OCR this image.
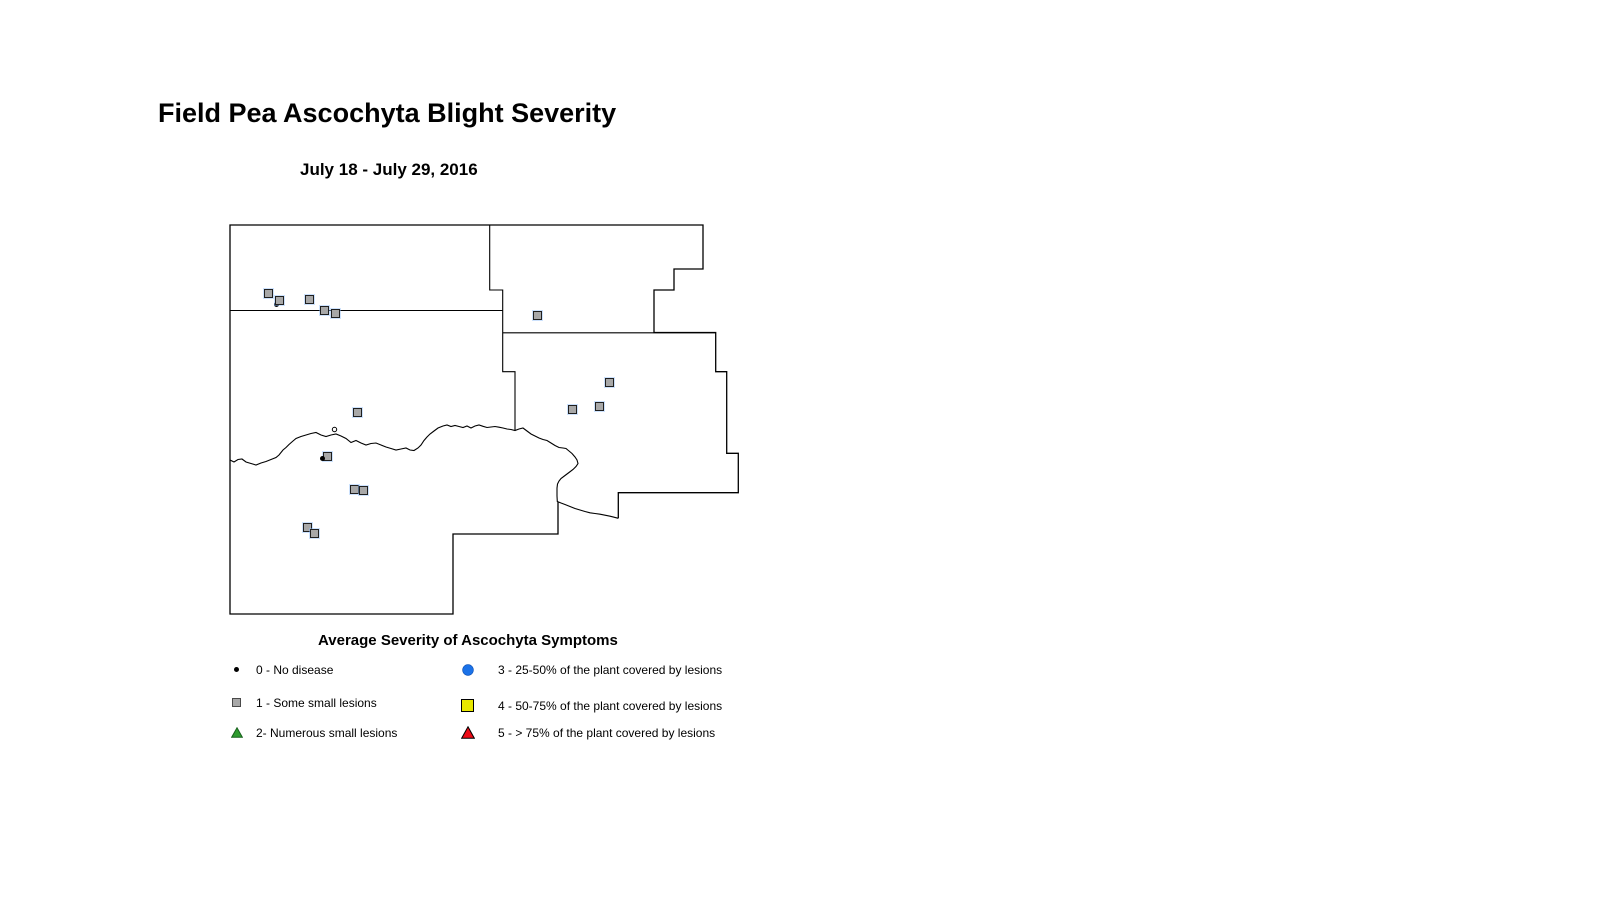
Field Pea Ascochyta Blight Severity
July 18 - July 29, 2016
Average Severity of Ascochyta Symptoms
0 - No disease
1 - Some small lesions
2- Numerous small lesions
3 - 25-50% of the plant covered by lesions
4 - 50-75% of the plant covered by lesions
5 - > 75% of the plant covered by lesions
